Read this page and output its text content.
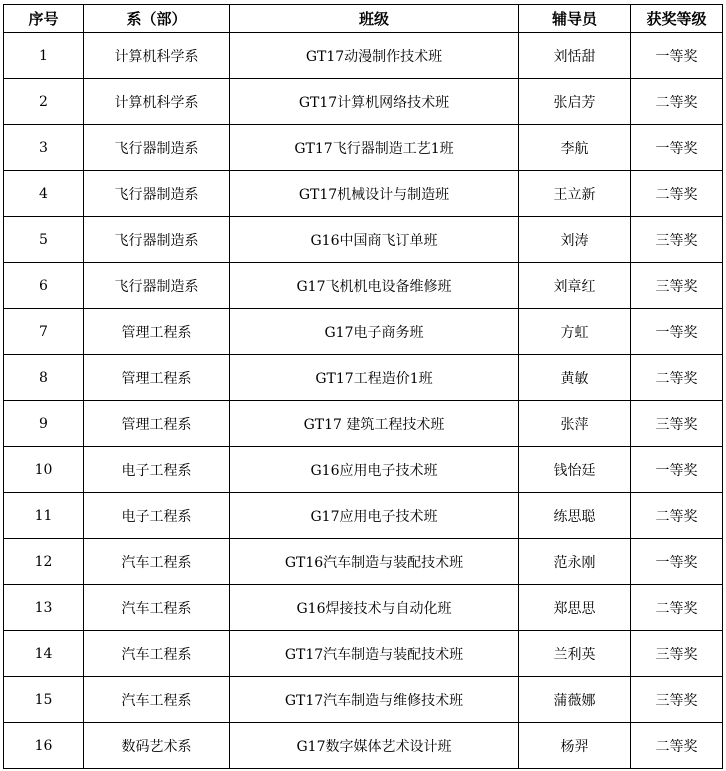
序号	系（部）	班级	辅导员	获奖等级
1	计算机科学系	GT17动漫制作技术班	刘恬甜	一等奖
2	计算机科学系	GT17计算机网络技术班	张启芳	二等奖
3	飞行器制造系	GT17飞行器制造工艺1班	李航	一等奖
4	飞行器制造系	GT17机械设计与制造班	王立新	二等奖
5	飞行器制造系	G16中国商飞订单班	刘涛	三等奖
6	飞行器制造系	G17飞机机电设备维修班	刘章红	三等奖
7	管理工程系	G17电子商务班	方虹	一等奖
8	管理工程系	GT17工程造价1班	黄敏	二等奖
9	管理工程系	GT17 建筑工程技术班	张萍	三等奖
10	电子工程系	G16应用电子技术班	钱怡廷	一等奖
11	电子工程系	G17应用电子技术班	练思聪	二等奖
12	汽车工程系	GT16汽车制造与装配技术班	范永刚	一等奖
13	汽车工程系	G16焊接技术与自动化班	郑思思	二等奖
14	汽车工程系	GT17汽车制造与装配技术班	兰利英	三等奖
15	汽车工程系	GT17汽车制造与维修技术班	蒲薇娜	三等奖
16	数码艺术系	G17数字媒体艺术设计班	杨羿	二等奖
